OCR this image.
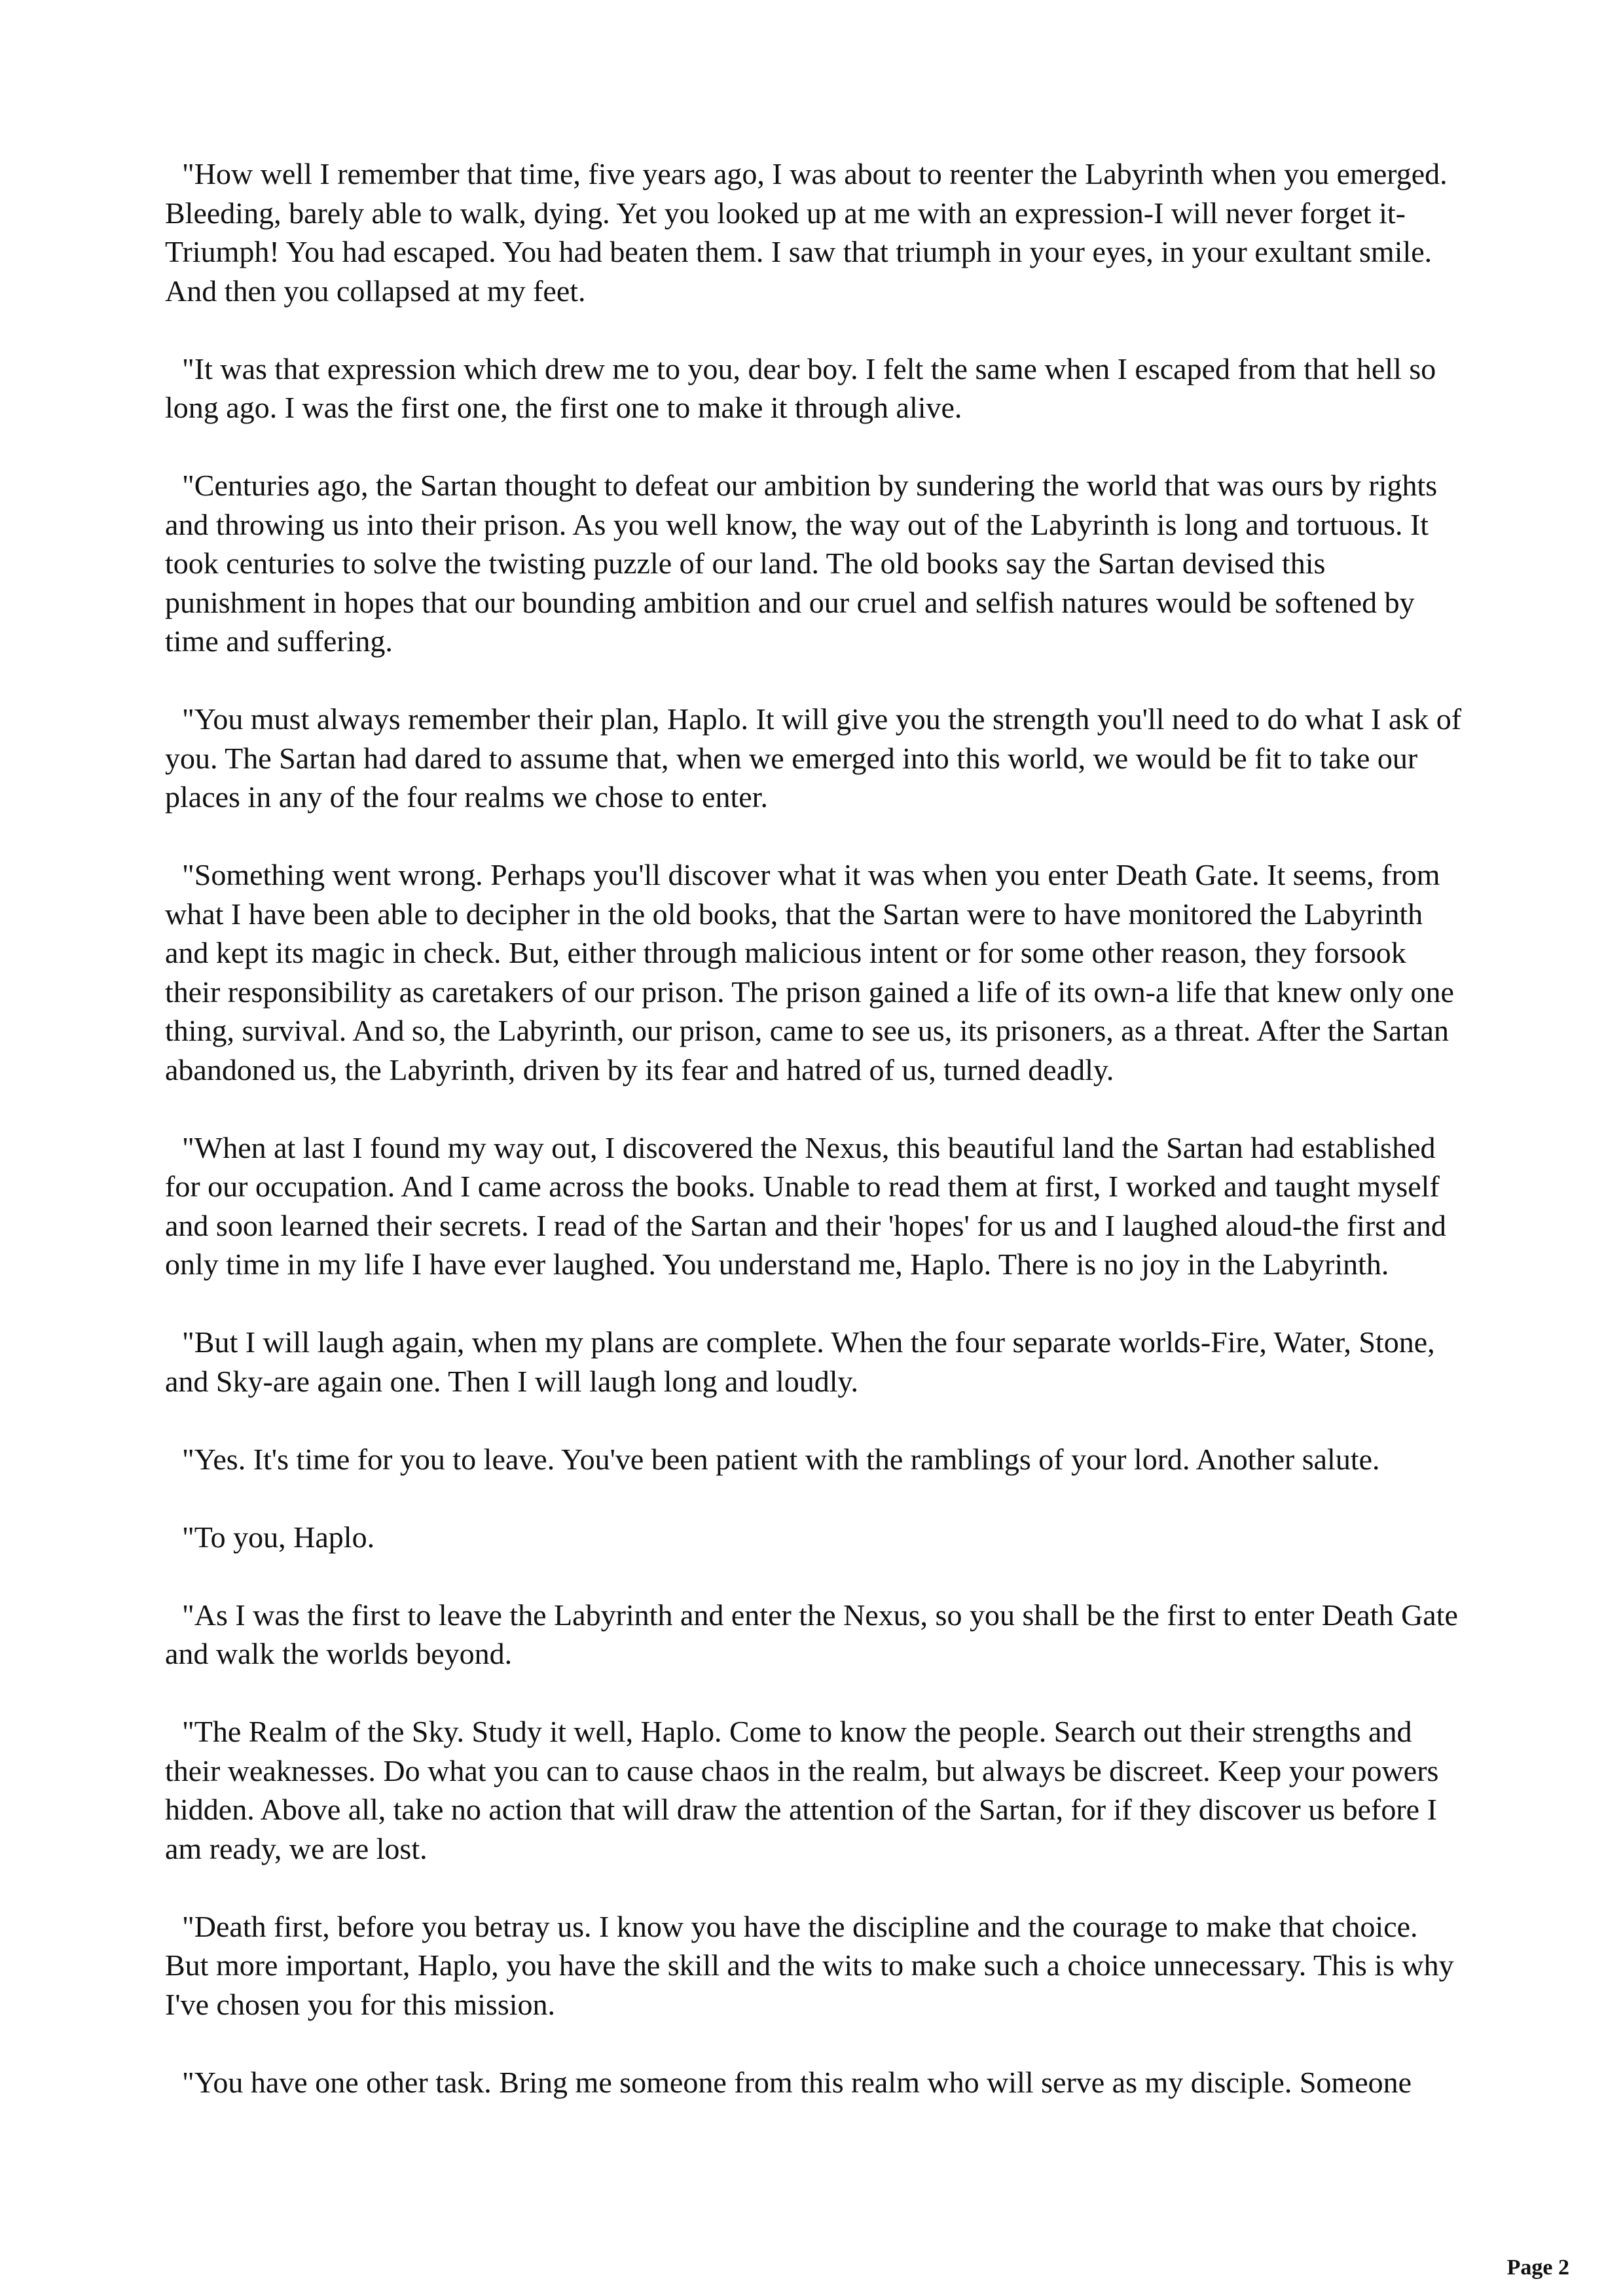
"How well I remember that time, five years ago, I was about to reenter the Labyrinth when you emerged. Bleeding, barely able to walk, dying. Yet you looked up at me with an expression-I will never forget it-Triumph! You had escaped. You had beaten them. I saw that triumph in your eyes, in your exultant smile. And then you collapsed at my feet.

"It was that expression which drew me to you, dear boy. I felt the same when I escaped from that hell so long ago. I was the first one, the first one to make it through alive.

"Centuries ago, the Sartan thought to defeat our ambition by sundering the world that was ours by rights and throwing us into their prison. As you well know, the way out of the Labyrinth is long and tortuous. It took centuries to solve the twisting puzzle of our land. The old books say the Sartan devised this punishment in hopes that our bounding ambition and our cruel and selfish natures would be softened by time and suffering.

"You must always remember their plan, Haplo. It will give you the strength you'll need to do what I ask of you. The Sartan had dared to assume that, when we emerged into this world, we would be fit to take our places in any of the four realms we chose to enter.

"Something went wrong. Perhaps you'll discover what it was when you enter Death Gate. It seems, from what I have been able to decipher in the old books, that the Sartan were to have monitored the Labyrinth and kept its magic in check. But, either through malicious intent or for some other reason, they forsook their responsibility as caretakers of our prison. The prison gained a life of its own-a life that knew only one thing, survival. And so, the Labyrinth, our prison, came to see us, its prisoners, as a threat. After the Sartan abandoned us, the Labyrinth, driven by its fear and hatred of us, turned deadly.

"When at last I found my way out, I discovered the Nexus, this beautiful land the Sartan had established for our occupation. And I came across the books. Unable to read them at first, I worked and taught myself and soon learned their secrets. I read of the Sartan and their 'hopes' for us and I laughed aloud-the first and only time in my life I have ever laughed. You understand me, Haplo. There is no joy in the Labyrinth.

"But I will laugh again, when my plans are complete. When the four separate worlds-Fire, Water, Stone, and Sky-are again one. Then I will laugh long and loudly.

"Yes. It's time for you to leave. You've been patient with the ramblings of your lord. Another salute.

"To you, Haplo.

"As I was the first to leave the Labyrinth and enter the Nexus, so you shall be the first to enter Death Gate and walk the worlds beyond.

"The Realm of the Sky. Study it well, Haplo. Come to know the people. Search out their strengths and their weaknesses. Do what you can to cause chaos in the realm, but always be discreet. Keep your powers hidden. Above all, take no action that will draw the attention of the Sartan, for if they discover us before I am ready, we are lost.

"Death first, before you betray us. I know you have the discipline and the courage to make that choice. But more important, Haplo, you have the skill and the wits to make such a choice unnecessary. This is why I've chosen you for this mission.

"You have one other task. Bring me someone from this realm who will serve as my disciple. Someone

Page 2
